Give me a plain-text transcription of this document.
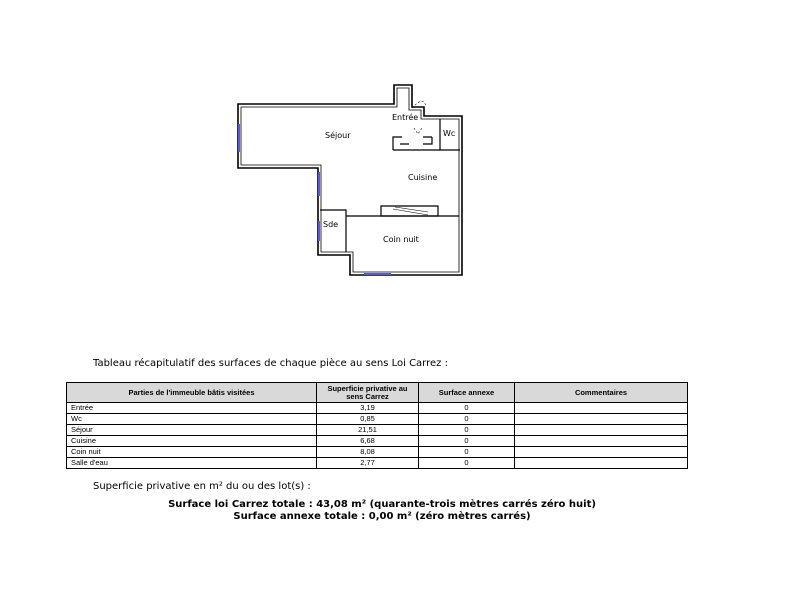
Entrée
Wc
Séjour
Cuisine
Sde
Coin nuit
Tableau récapitulatif des surfaces de chaque pièce au sens Loi Carrez :
Parties de l'immeuble bâtis visitées	Superficie privative au sens Carrez	Surface annexe	Commentaires
Entrée	3,19	0	
Wc	0,85	0	
Séjour	21,51	0	
Cuisine	6,68	0	
Coin nuit	8,08	0	
Salle d'eau	2,77	0	
Superficie privative en m² du ou des lot(s) :
Surface loi Carrez totale : 43,08 m² (quarante-trois mètres carrés zéro huit)
Surface annexe totale : 0,00 m² (zéro mètres carrés)
